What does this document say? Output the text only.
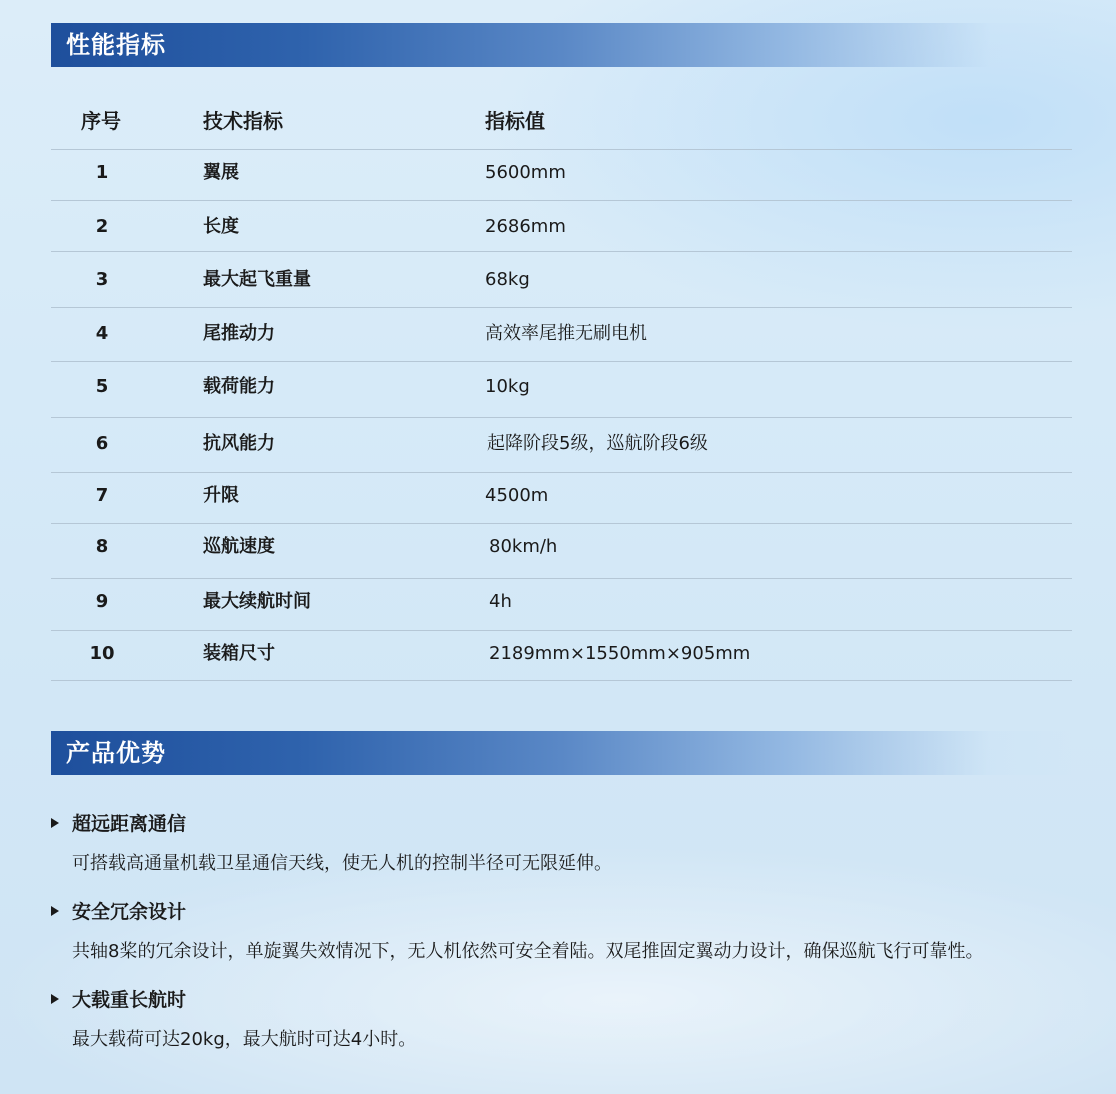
性能指标
序号	技术指标	指标值
1	翼展	5600mm
2	长度	2686mm
3	最大起飞重量	68kg
4	尾推动力	高效率尾推无刷电机
5	载荷能力	10kg
6	抗风能力	起降阶段5级，巡航阶段6级
7	升限	4500m
8	巡航速度	80km/h
9	最大续航时间	4h
10	装箱尺寸	2189mm×1550mm×905mm
产品优势
超远距离通信
可搭载高通量机载卫星通信天线，使无人机的控制半径可无限延伸。
安全冗余设计
共轴8桨的冗余设计，单旋翼失效情况下，无人机依然可安全着陆。双尾推固定翼动力设计，确保巡航飞行可靠性。
大载重长航时
最大载荷可达20kg，最大航时可达4小时。
